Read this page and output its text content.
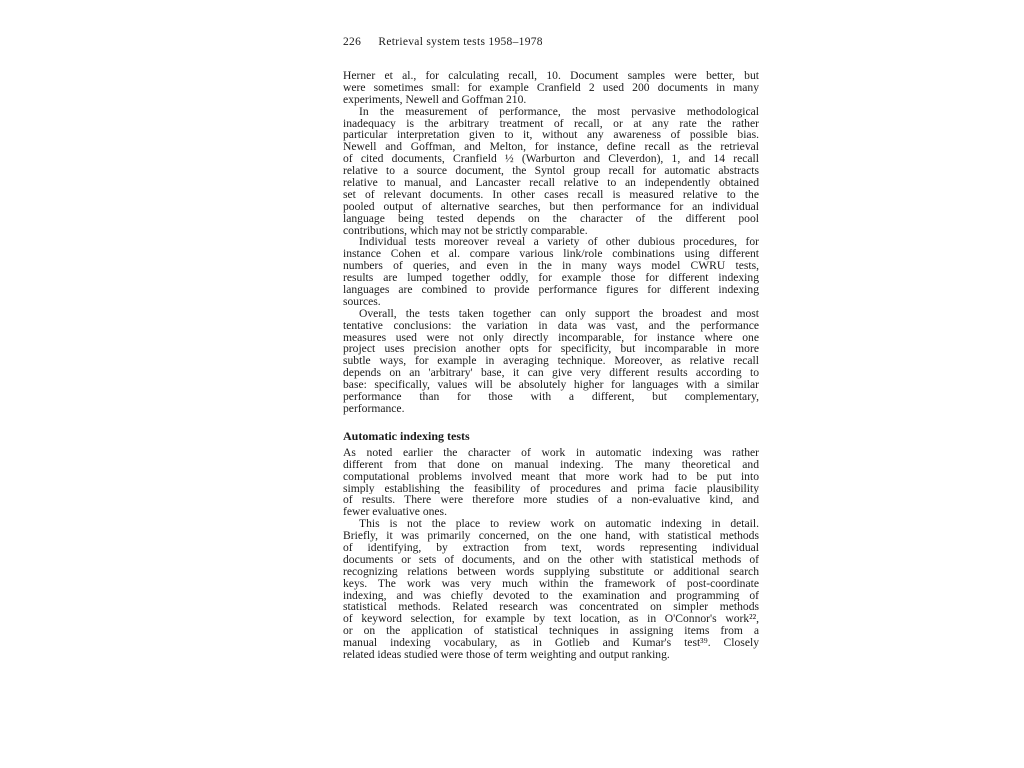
226 Retrieval system tests 1958–1978
Herner et al., for calculating recall, 10. Document samples were better, but
were sometimes small: for example Cranfield 2 used 200 documents in many
experiments, Newell and Goffman 210.
In the measurement of performance, the most pervasive methodological
inadequacy is the arbitrary treatment of recall, or at any rate the rather
particular interpretation given to it, without any awareness of possible bias.
Newell and Goffman, and Melton, for instance, define recall as the retrieval
of cited documents, Cranfield ½ (Warburton and Cleverdon), 1, and 14 recall
relative to a source document, the Syntol group recall for automatic abstracts
relative to manual, and Lancaster recall relative to an independently obtained
set of relevant documents. In other cases recall is measured relative to the
pooled output of alternative searches, but then performance for an individual
language being tested depends on the character of the different pool
contributions, which may not be strictly comparable.
Individual tests moreover reveal a variety of other dubious procedures, for
instance Cohen et al. compare various link/role combinations using different
numbers of queries, and even in the in many ways model CWRU tests,
results are lumped together oddly, for example those for different indexing
languages are combined to provide performance figures for different indexing
sources.
Overall, the tests taken together can only support the broadest and most
tentative conclusions: the variation in data was vast, and the performance
measures used were not only directly incomparable, for instance where one
project uses precision another opts for specificity, but incomparable in more
subtle ways, for example in averaging technique. Moreover, as relative recall
depends on an 'arbitrary' base, it can give very different results according to
base: specifically, values will be absolutely higher for languages with a similar
performance than for those with a different, but complementary,
performance.
Automatic indexing tests
As noted earlier the character of work in automatic indexing was rather
different from that done on manual indexing. The many theoretical and
computational problems involved meant that more work had to be put into
simply establishing the feasibility of procedures and prima facie plausibility
of results. There were therefore more studies of a non-evaluative kind, and
fewer evaluative ones.
This is not the place to review work on automatic indexing in detail.
Briefly, it was primarily concerned, on the one hand, with statistical methods
of identifying, by extraction from text, words representing individual
documents or sets of documents, and on the other with statistical methods of
recognizing relations between words supplying substitute or additional search
keys. The work was very much within the framework of post-coordinate
indexing, and was chiefly devoted to the examination and programming of
statistical methods. Related research was concentrated on simpler methods
of keyword selection, for example by text location, as in O'Connor's work²²,
or on the application of statistical techniques in assigning items from a
manual indexing vocabulary, as in Gotlieb and Kumar's test³⁹. Closely
related ideas studied were those of term weighting and output ranking.
